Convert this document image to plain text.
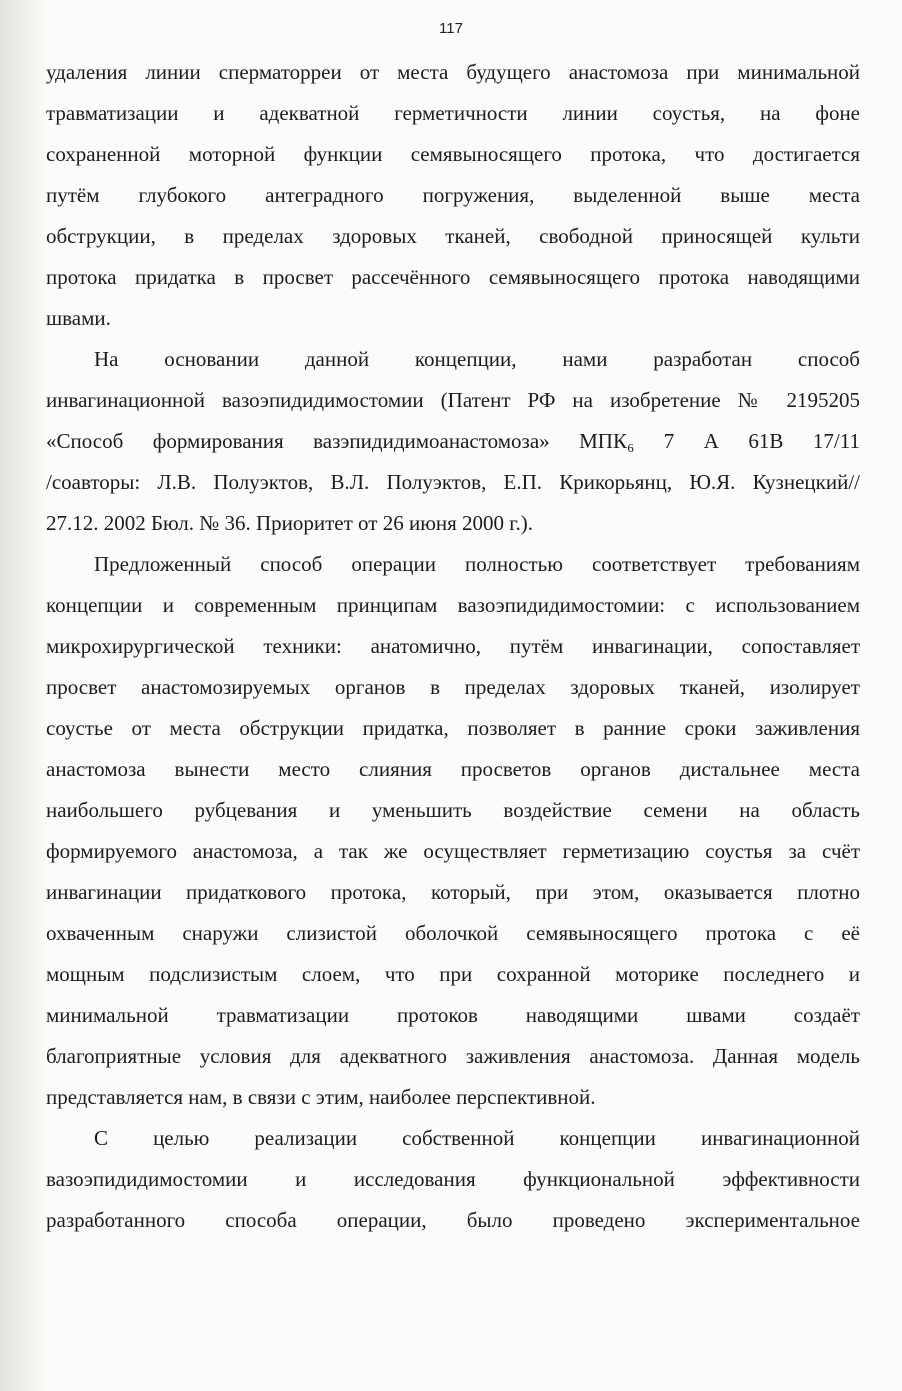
117
удаления линии сперматорреи от места будущего анастомоза при минимальной
травматизации и адекватной герметичности линии соустья, на фоне
сохраненной моторной функции семявыносящего протока, что достигается
путём глубокого антеградного погружения, выделенной выше места
обструкции, в пределах здоровых тканей, свободной приносящей культи
протока придатка в просвет рассечённого семявыносящего протока наводящими
швами.
На основании данной концепции, нами разработан способ
инвагинационной вазоэпидидимостомии (Патент РФ на изобретение № 2195205
«Способ формирования вазэпидидимоанастомоза» МПК₆ 7 А 61В 17/11
/соавторы: Л.В. Полуэктов, В.Л. Полуэктов, Е.П. Крикорьянц, Ю.Я. Кузнецкий//
27.12. 2002 Бюл. № 36. Приоритет от 26 июня 2000 г.).
Предложенный способ операции полностью соответствует требованиям
концепции и современным принципам вазоэпидидимостомии: с использованием
микрохирургической техники: анатомично, путём инвагинации, сопоставляет
просвет анастомозируемых органов в пределах здоровых тканей, изолирует
соустье от места обструкции придатка, позволяет в ранние сроки заживления
анастомоза вынести место слияния просветов органов дистальнее места
наибольшего рубцевания и уменьшить воздействие семени на область
формируемого анастомоза, а так же осуществляет герметизацию соустья за счёт
инвагинации придаткового протока, который, при этом, оказывается плотно
охваченным снаружи слизистой оболочкой семявыносящего протока с её
мощным подслизистым слоем, что при сохранной моторике последнего и
минимальной травматизации протоков наводящими швами создаёт
благоприятные условия для адекватного заживления анастомоза. Данная модель
представляется нам, в связи с этим, наиболее перспективной.
С целью реализации собственной концепции инвагинационной
вазоэпидидимостомии и исследования функциональной эффективности
разработанного способа операции, было проведено экспериментальное
